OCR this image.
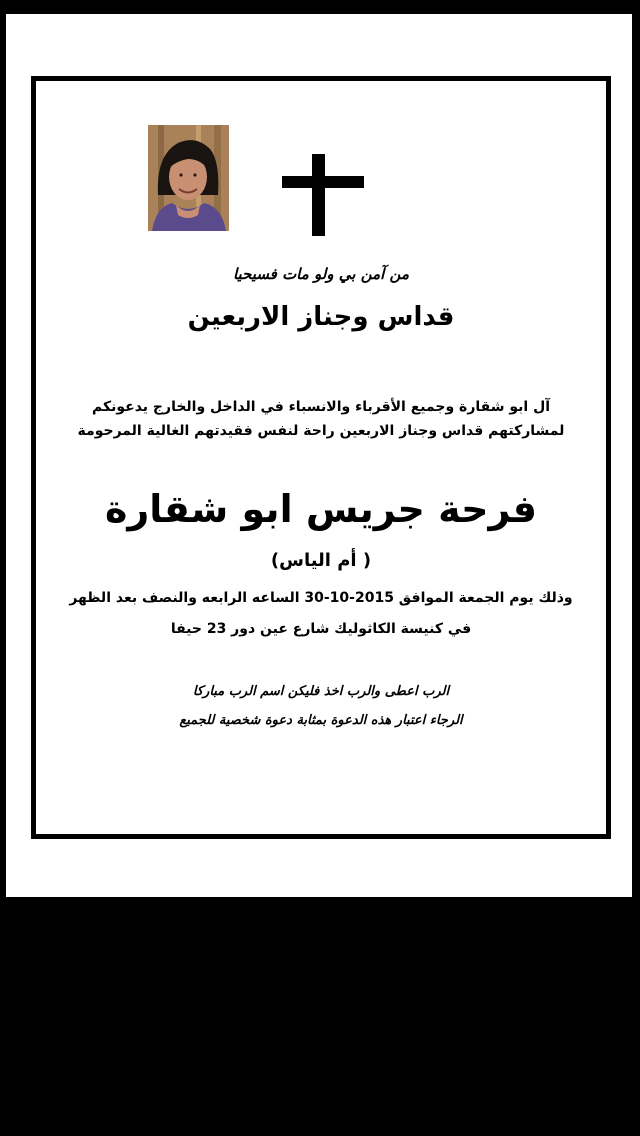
من آمن بي ولو مات فسيحيا
قداس وجناز الاربعين
آل ابو شقارة وجميع الأقرباء والانسباء في الداخل والخارج يدعونكم
لمشاركتهم قداس وجناز الاربعين راحة لنفس فقيدتهم الغالية المرحومة
فرحة جريس ابو شقارة
( أم الياس)
وذلك يوم الجمعة الموافق 2015-10-30 الساعه الرابعه والنصف بعد الظهر
في كنيسة الكاثوليك شارع عين دور 23 حيفا
الرب اعطى والرب اخذ فليكن اسم الرب مباركا
الرجاء اعتبار هذه الدعوة بمثابة دعوة شخصية للجميع
